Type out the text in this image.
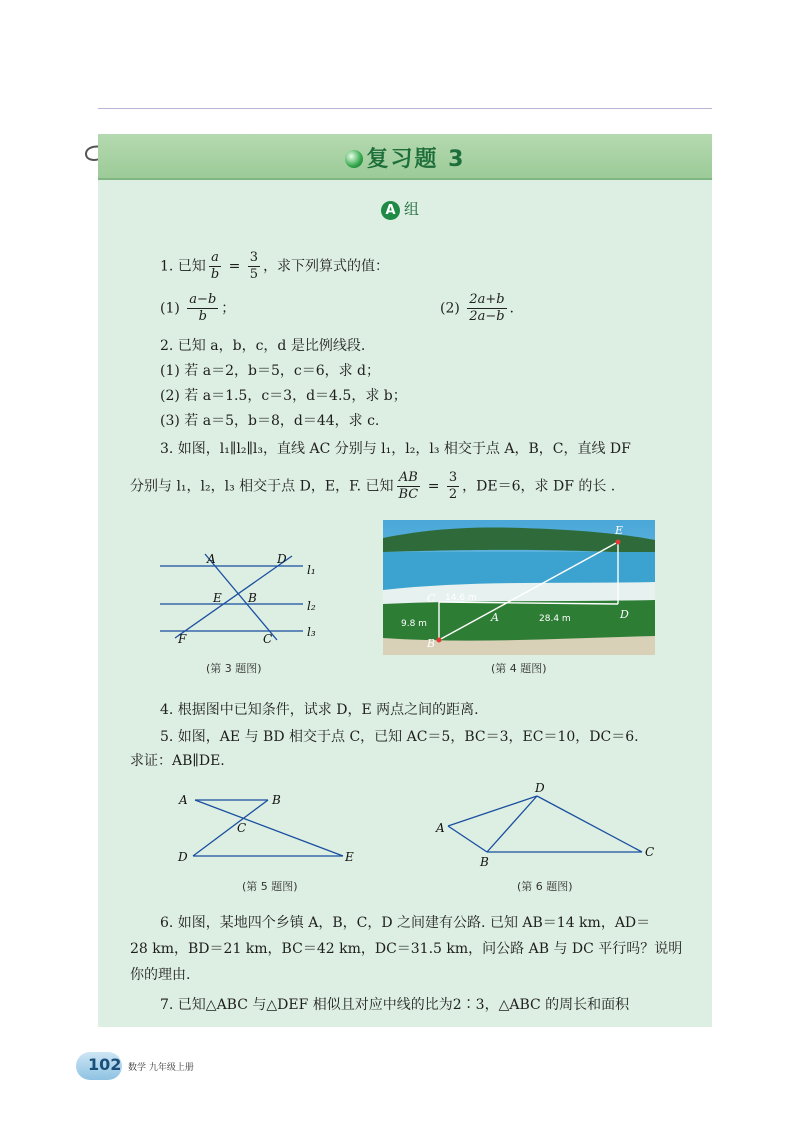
复习题 3
A 组
1. 已知 $\frac{a}{b} = \frac{3}{5}$ ，求下列算式的值：
$(1) \frac{a-b}{b}$ ；	$(2) \frac{2a+b}{2a-b}$ .
2. 已知 a，b，c，d 是比例线段.
(1) 若 a＝2，b＝5，c＝6，求 d；
(2) 若 a＝1.5，c＝3，d＝4.5，求 b；
(3) 若 a＝5，b＝8，d＝44，求 c.
3. 如图，l₁∥l₂∥l₃，直线 AC 分别与 l₁，l₂，l₃ 相交于点 A，B，C，直线 DF
分别与 l₁，l₂，l₃ 相交于点 D，E，F. 已知 $\frac{AB}{BC} = \frac{3}{2}$ ，DE＝6，求 DF 的长 .
A	D
E B
F	C
l₁
l₂
l₃
(第 3 题图)
E
C
D
A
B
9.8 m	28.4 m
14.6 m
(第 4 题图)
4. 根据图中已知条件，试求 D，E 两点之间的距离.
5. 如图，AE 与 BD 相交于点 C，已知 AC＝5，BC＝3，EC＝10，DC＝6.
求证：AB∥DE.
A	B
C
D	E
(第 5 题图)
A
B
C
D
(第 6 题图)
6. 如图，某地四个乡镇 A，B，C，D 之间建有公路. 已知 AB＝14 km，AD＝
28 km，BD＝21 km，BC＝42 km，DC＝31.5 km，问公路 AB 与 DC 平行吗？说明
你的理由.
7. 已知△ABC 与△DEF 相似且对应中线的比为2∶3，△ABC 的周长和面积
102 数学 九年级上册
